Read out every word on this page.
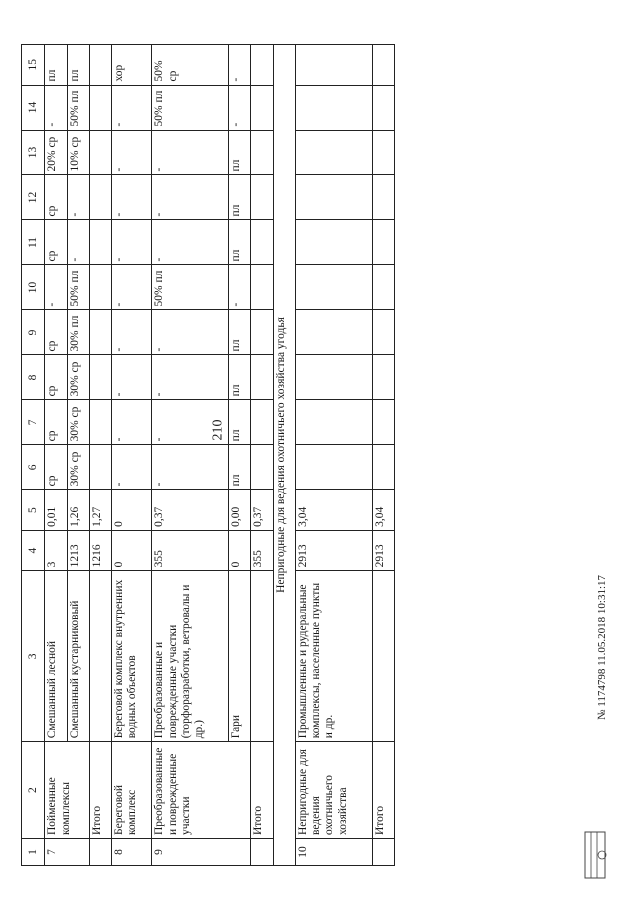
210
1	2	3	4	5	6	7	8	9	10	11	12	13	14	15
7	Пойменные комплексы	Смешанный лесной	3	0,01	ср	ср	ср	ср	-	ср	ср	20% ср	-	пл
		Смешанный кустарниковый	1213	1,26	30% ср	30% ср	30% ср	30% пл	50% пл	-	-	10% ср	50% пл	пл
	Итого		1216	1,27										
8	Береговой комплекс	Береговой комплекс внутренних водных объектов	0	0	-	-	-	-	-	-	-	-	-	хор
9	Преобразованные и поврежденные участки	Преобразованные и поврежденные участки (торфоразработки, ветровалы и др.)	355	0,37	-	-	-	-	50% пл	-	-	-	50% пл	50% ср
		Гари	0	0,00	пл	пл	пл	пл	-	пл	пл	пл	-	-
	Итого		355	0,37										
Непригодные для ведения охотничьего хозяйства угодья														
10	Непригодные для ведения охотничьего хозяйства	Промышленные и рудеральные комплексы, населенные пункты и др.	2913	3,04										
	Итого		2913	3,04										
№ 1174798 11.05.2018 10:31:17
